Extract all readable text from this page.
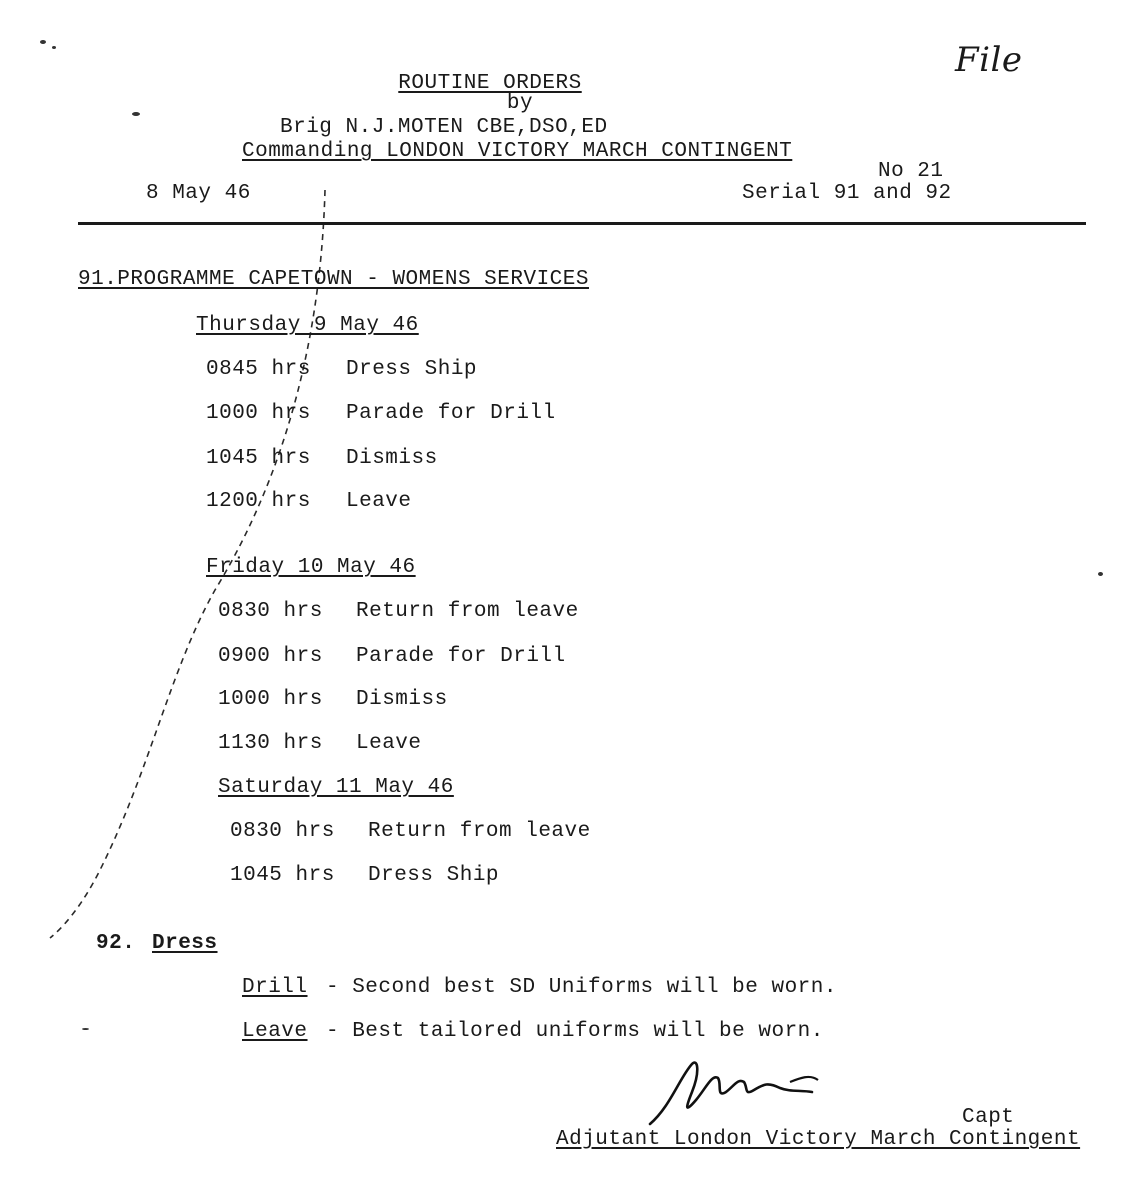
File
ROUTINE ORDERS
by
Brig N.J.MOTEN CBE,DSO,ED
Commanding LONDON VICTORY MARCH CONTINGENT
8 May 46
No 21
Serial 91 and 92
91.PROGRAMME CAPETOWN - WOMENS SERVICES
Thursday 9 May 46
0845 hrs Dress Ship
1000 hrs Parade for Drill
1045 hrs Dismiss
1200 hrs Leave
Friday 10 May 46
0830 hrs Return from leave
0900 hrs Parade for Drill
1000 hrs Dismiss
1130 hrs Leave
Saturday 11 May 46
0830 hrs Return from leave
1045 hrs Dress Ship
92. Dress
Drill - Second best SD Uniforms will be worn.
Leave - Best tailored uniforms will be worn.
Capt
Adjutant London Victory March Contingent
